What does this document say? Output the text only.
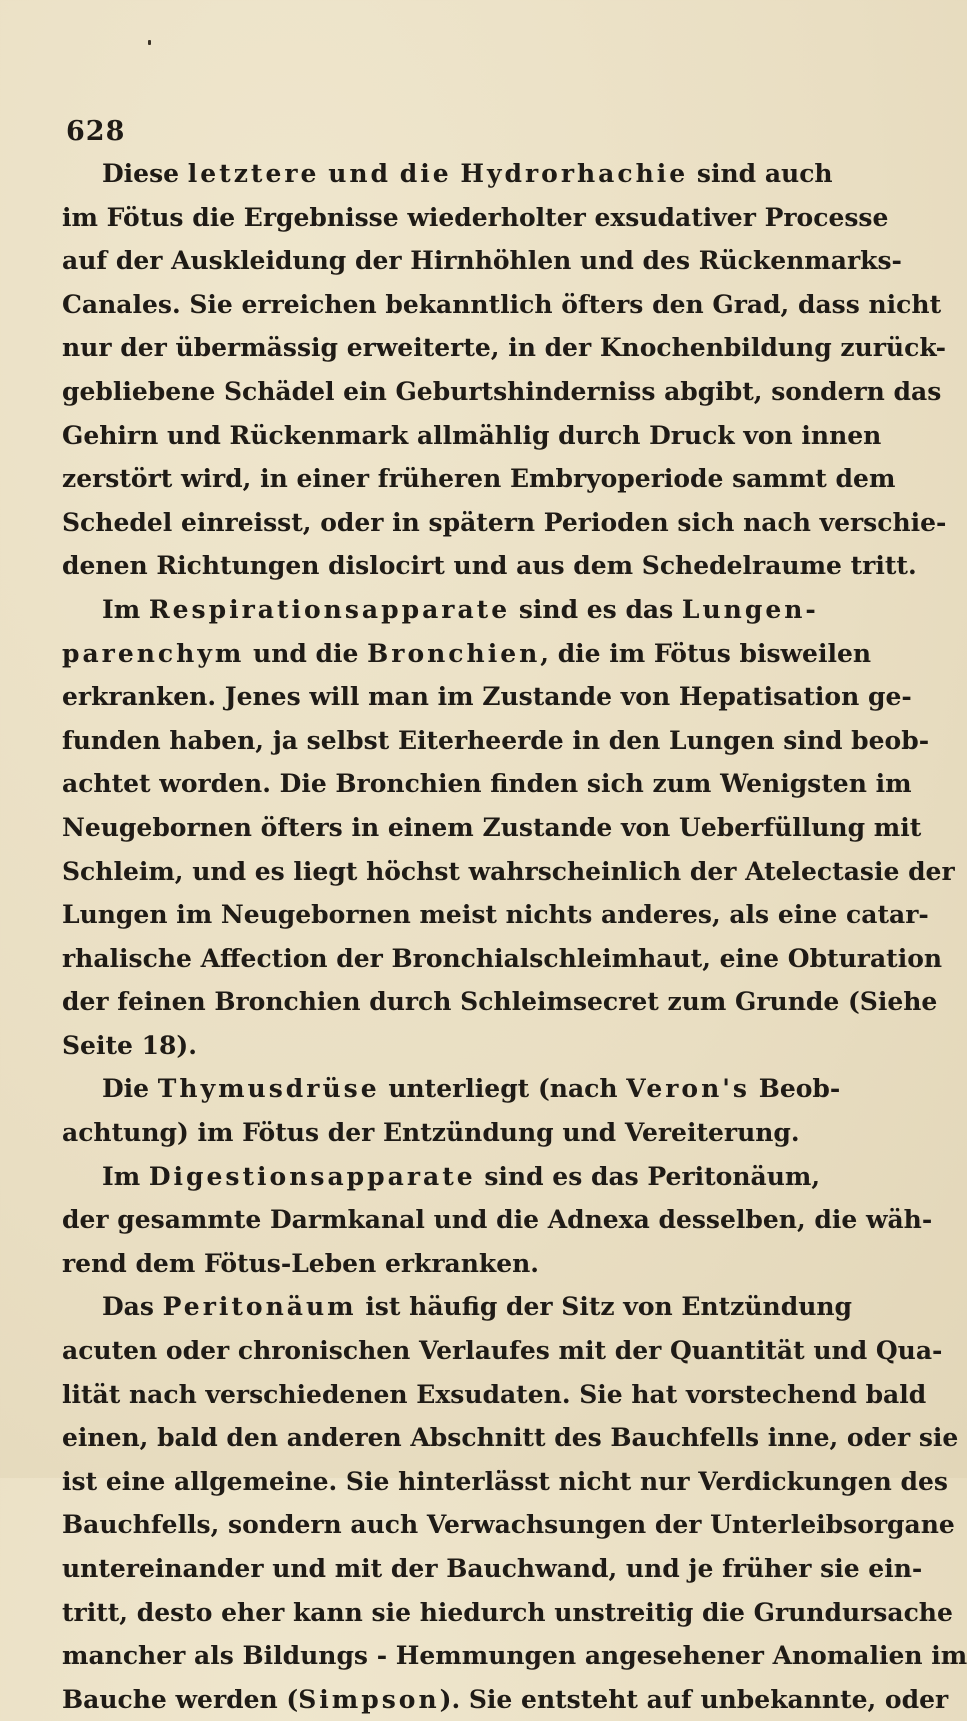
628
Diese letztere und die Hydrorhachie sind auch
im Fötus die Ergebnisse wiederholter exsudativer Processe
auf der Auskleidung der Hirnhöhlen und des Rückenmarks-
Canales. Sie erreichen bekanntlich öfters den Grad, dass nicht
nur der übermässig erweiterte, in der Knochenbildung zurück-
gebliebene Schädel ein Geburtshinderniss abgibt, sondern das
Gehirn und Rückenmark allmählig durch Druck von innen
zerstört wird, in einer früheren Embryoperiode sammt dem
Schedel einreisst, oder in spätern Perioden sich nach verschie-
denen Richtungen dislocirt und aus dem Schedelraume tritt.
Im Respirationsapparate sind es das Lungen-
parenchym und die Bronchien, die im Fötus bisweilen
erkranken. Jenes will man im Zustande von Hepatisation ge-
funden haben, ja selbst Eiterheerde in den Lungen sind beob-
achtet worden. Die Bronchien finden sich zum Wenigsten im
Neugebornen öfters in einem Zustande von Ueberfüllung mit
Schleim, und es liegt höchst wahrscheinlich der Atelectasie der
Lungen im Neugebornen meist nichts anderes, als eine catar-
rhalische Affection der Bronchialschleimhaut, eine Obturation
der feinen Bronchien durch Schleimsecret zum Grunde (Siehe
Seite 18).
Die Thymusdrüse unterliegt (nach Veron's Beob-
achtung) im Fötus der Entzündung und Vereiterung.
Im Digestionsapparate sind es das Peritonäum,
der gesammte Darmkanal und die Adnexa desselben, die wäh-
rend dem Fötus-Leben erkranken.
Das Peritonäum ist häufig der Sitz von Entzündung
acuten oder chronischen Verlaufes mit der Quantität und Qua-
lität nach verschiedenen Exsudaten. Sie hat vorstechend bald
einen, bald den anderen Abschnitt des Bauchfells inne, oder sie
ist eine allgemeine. Sie hinterlässt nicht nur Verdickungen des
Bauchfells, sondern auch Verwachsungen der Unterleibsorgane
untereinander und mit der Bauchwand, und je früher sie ein-
tritt, desto eher kann sie hiedurch unstreitig die Grundursache
mancher als Bildungs - Hemmungen angesehener Anomalien im
Bauche werden (Simpson). Sie entsteht auf unbekannte, oder
